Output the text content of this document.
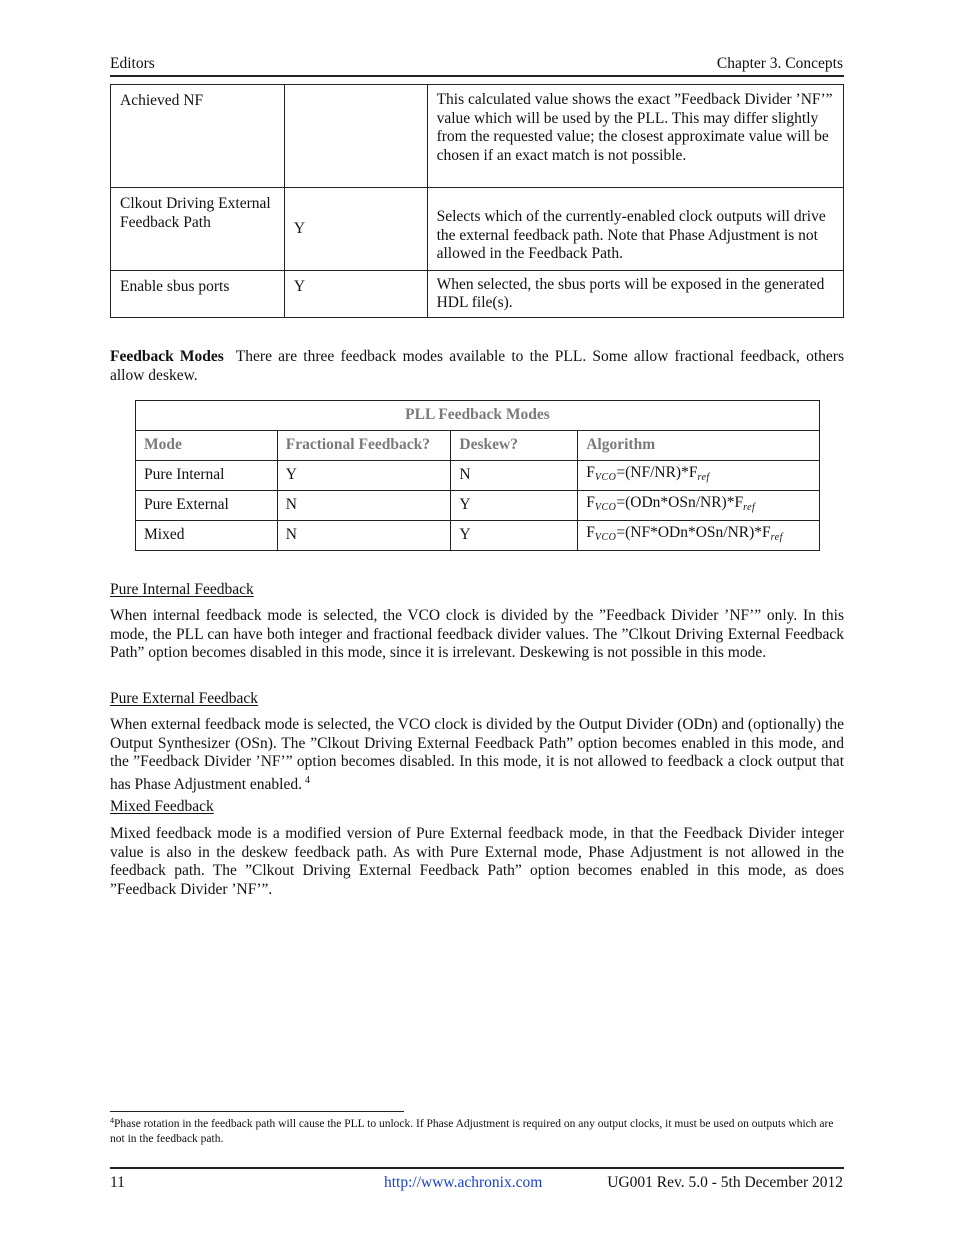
Editors	Chapter 3. Concepts
Achieved NF		This calculated value shows the exact ”Feedback Divider ’NF’” value which will be used by the PLL. This may differ slightly from the requested value; the closest approximate value will be chosen if an exact match is not possible.
Clkout Driving External Feedback Path	Y	Selects which of the currently-enabled clock outputs will drive the external feedback path. Note that Phase Adjustment is not allowed in the Feedback Path.
Enable sbus ports	Y	When selected, the sbus ports will be exposed in the generated HDL file(s).

Feedback Modes There are three feedback modes available to the PLL. Some allow fractional feedback, others allow deskew.

PLL Feedback Modes			
Mode	Fractional Feedback?	Deskew?	Algorithm
Pure Internal	Y	N	$F_{VCO}=(NF/NR)*F_{ref}$
Pure External	N	Y	$F_{VCO}=(ODn*OSn/NR)*F_{ref}$
Mixed	N	Y	$F_{VCO}=(NF*ODn*OSn/NR)*F_{ref}$
Pure Internal Feedback

When internal feedback mode is selected, the VCO clock is divided by the ”Feedback Divider ’NF’” only. In this mode, the PLL can have both integer and fractional feedback divider values. The ”Clkout Driving External Feedback Path” option becomes disabled in this mode, since it is irrelevant. Deskewing is not possible in this mode.

Pure External Feedback

When external feedback mode is selected, the VCO clock is divided by the Output Divider (ODn) and (optionally) the Output Synthesizer (OSn). The ”Clkout Driving External Feedback Path” option becomes enabled in this mode, and the ”Feedback Divider ’NF’” option becomes disabled. In this mode, it is not allowed to feedback a clock output that has Phase Adjustment enabled. $^4$

Mixed Feedback

Mixed feedback mode is a modified version of Pure External feedback mode, in that the Feedback Divider integer value is also in the deskew feedback path. As with Pure External mode, Phase Adjustment is not allowed in the feedback path. The ”Clkout Driving External Feedback Path” option becomes enabled in this mode, as does ”Feedback Divider ’NF’”.

$^4$Phase rotation in the feedback path will cause the PLL to unlock. If Phase Adjustment is required on any output clocks, it must be used on outputs which are not in the feedback path.

11	http://www.achronix.com	UG001 Rev. 5.0 - 5th December 2012
